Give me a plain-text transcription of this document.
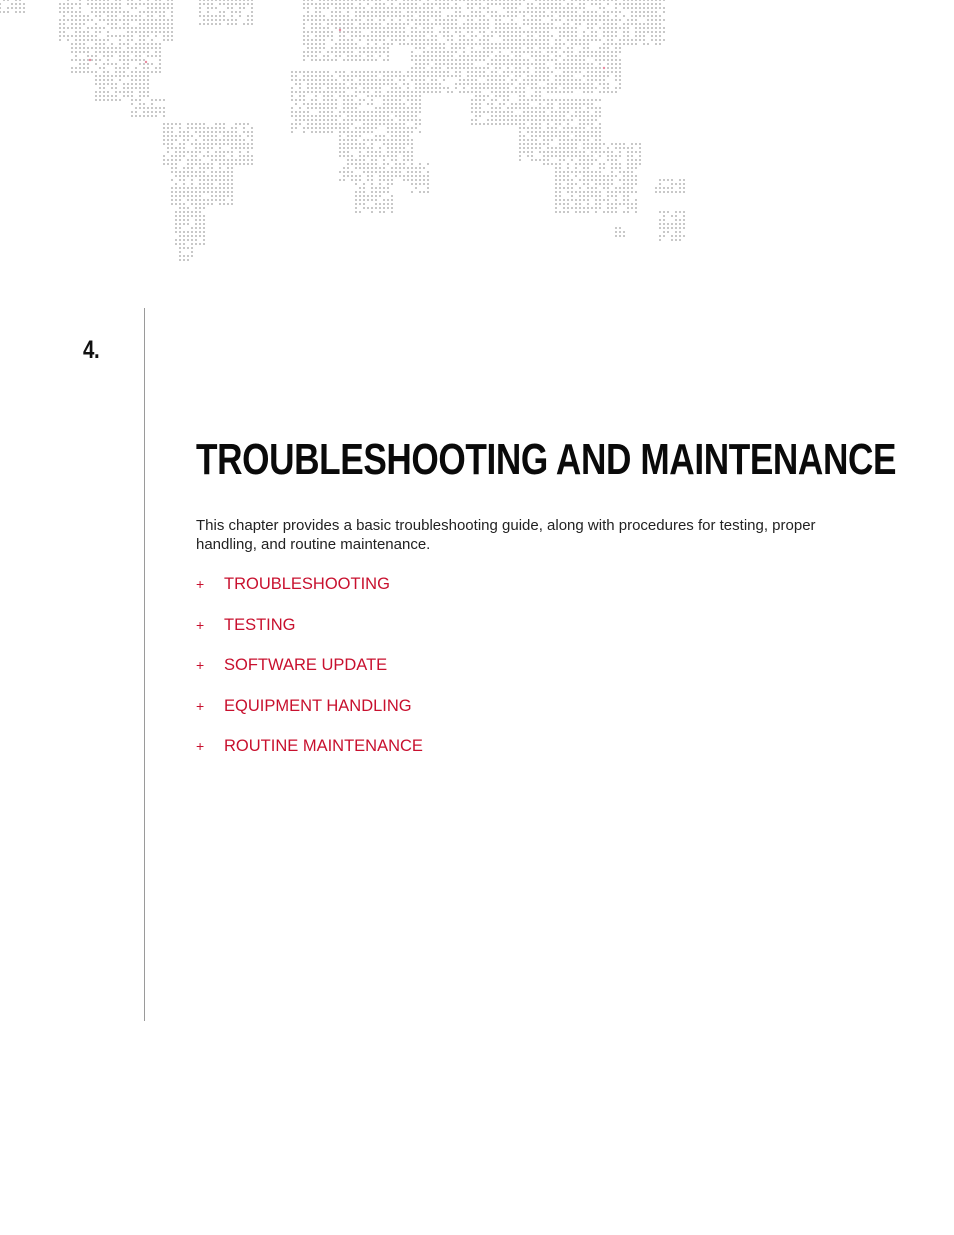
4.
TROUBLESHOOTING AND MAINTENANCE

This chapter provides a basic troubleshooting guide, along with procedures for testing, proper handling, and routine maintenance.

+	TROUBLESHOOTING
+	TESTING
+	SOFTWARE UPDATE
+	EQUIPMENT HANDLING
+	ROUTINE MAINTENANCE
